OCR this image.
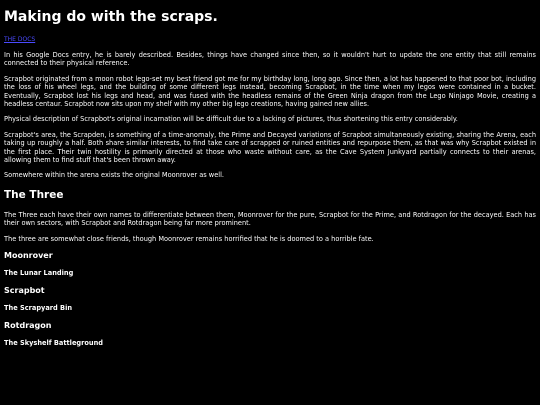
Making do with the scraps.
THE DOCS

In his Google Docs entry, he is barely described. Besides, things have changed since then, so it wouldn't hurt to update the one entity that still remains connected to their physical reference.

Scrapbot originated from a moon robot lego-set my best friend got me for my birthday long, long ago. Since then, a lot has happened to that poor bot, including the loss of his wheel legs, and the building of some different legs instead, becoming Scrapbot, in the time when my legos were contained in a bucket. Eventually, Scrapbot lost his legs and head, and was fused with the headless remains of the Green Ninja dragon from the Lego Ninjago Movie, creating a headless centaur. Scrapbot now sits upon my shelf with my other big lego creations, having gained new allies.

Physical description of Scrapbot's original incarnation will be difficult due to a lacking of pictures, thus shortening this entry considerably.

Scrapbot's area, the Scrapden, is something of a time-anomaly, the Prime and Decayed variations of Scrapbot simultaneously existing, sharing the Arena, each taking up roughly a half. Both share similar interests, to find take care of scrapped or ruined entities and repurpose them, as that was why Scrapbot existed in the first place. Their twin hostility is primarily directed at those who waste without care, as the Cave System Junkyard partially connects to their arenas, allowing them to find stuff that's been thrown away.

Somewhere within the arena exists the original Moonrover as well.

The Three

The Three each have their own names to differentiate between them, Moonrover for the pure, Scrapbot for the Prime, and Rotdragon for the decayed. Each has their own sectors, with Scrapbot and Rotdragon being far more prominent.

The three are somewhat close friends, though Moonrover remains horrified that he is doomed to a horrible fate.

Moonrover
The Lunar Landing
Scrapbot
The Scrapyard Bin
Rotdragon
The Skyshelf Battleground
